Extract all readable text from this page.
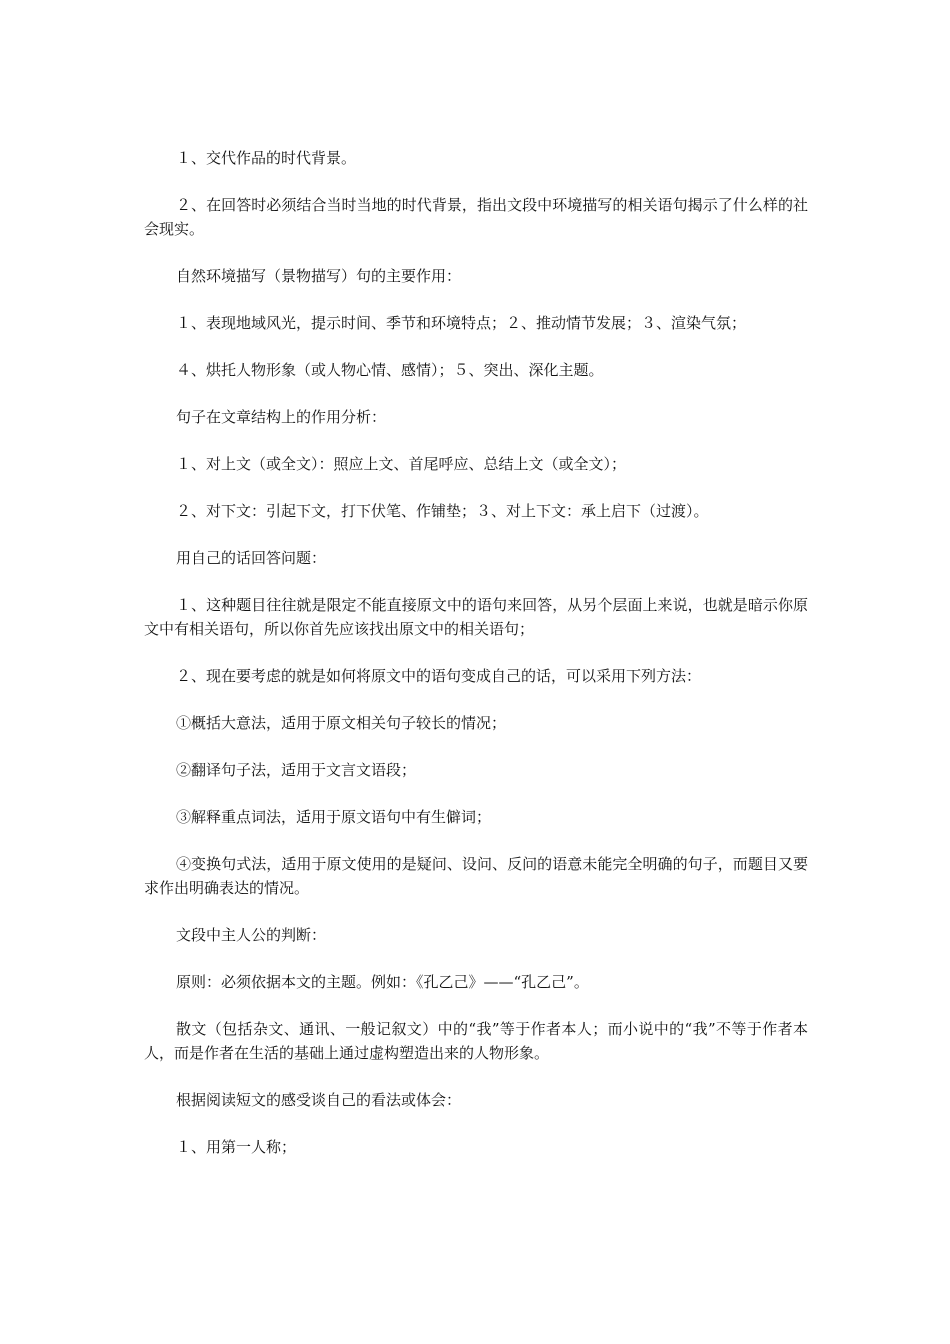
１、交代作品的时代背景。

２、在回答时必须结合当时当地的时代背景，指出文段中环境描写的相关语句揭示了什么样的社会现实。

自然环境描写（景物描写）句的主要作用：

１、表现地域风光，提示时间、季节和环境特点；２、推动情节发展；３、渲染气氛；

４、烘托人物形象（或人物心情、感情）；５、突出、深化主题。

句子在文章结构上的作用分析：

１、对上文（或全文）：照应上文、首尾呼应、总结上文（或全文）；

２、对下文：引起下文，打下伏笔、作铺垫；３、对上下文：承上启下（过渡）。

用自己的话回答问题：

１、这种题目往往就是限定不能直接原文中的语句来回答，从另个层面上来说，也就是暗示你原文中有相关语句，所以你首先应该找出原文中的相关语句；

２、现在要考虑的就是如何将原文中的语句变成自己的话，可以采用下列方法：

①概括大意法，适用于原文相关句子较长的情况；

②翻译句子法，适用于文言文语段；

③解释重点词法，适用于原文语句中有生僻词；

④变换句式法，适用于原文使用的是疑问、设问、反问的语意未能完全明确的句子，而题目又要求作出明确表达的情况。

文段中主人公的判断：

原则：必须依据本文的主题。例如：《孔乙己》——“孔乙己”。

散文（包括杂文、通讯、一般记叙文）中的“我”等于作者本人；而小说中的“我”不等于作者本人，而是作者在生活的基础上通过虚构塑造出来的人物形象。

根据阅读短文的感受谈自己的看法或体会：

１、用第一人称；
